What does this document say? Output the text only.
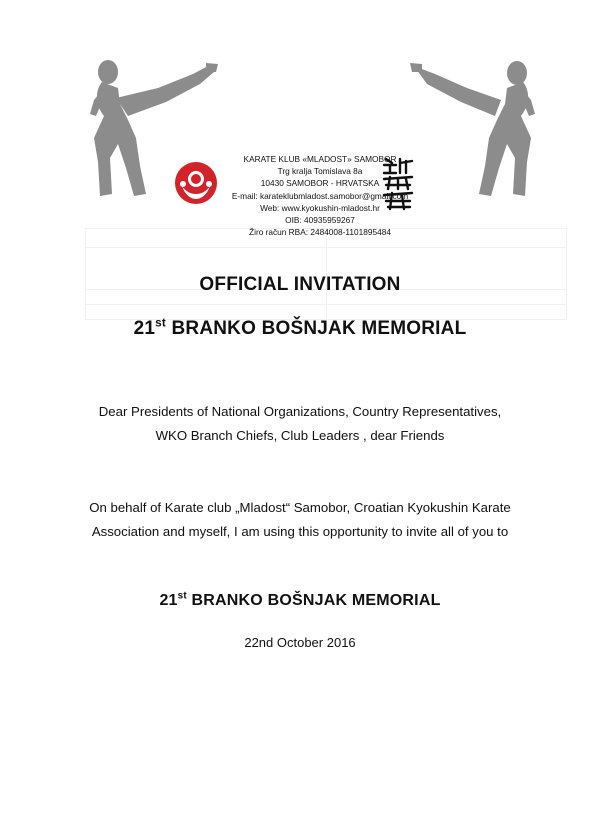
KARATE KLUB «MLADOST» SAMOBOR
Trg kralja Tomislava 8a
10430 SAMOBOR - HRVATSKA
E-mail: karateklubmladost.samobor@gmail.com
Web: www.kyokushin-mladost.hr
OIB: 40935959267
Žiro račun RBA: 2484008-1101895484
OFFICIAL INVITATION
21st BRANKO BOŠNJAK MEMORIAL
Dear Presidents of National Organizations, Country Representatives,
WKO Branch Chiefs, Club Leaders , dear Friends
On behalf of Karate club „Mladost“ Samobor, Croatian Kyokushin Karate
Association and myself, I am using this opportunity to invite all of you to
21st BRANKO BOŠNJAK MEMORIAL
22nd October 2016
